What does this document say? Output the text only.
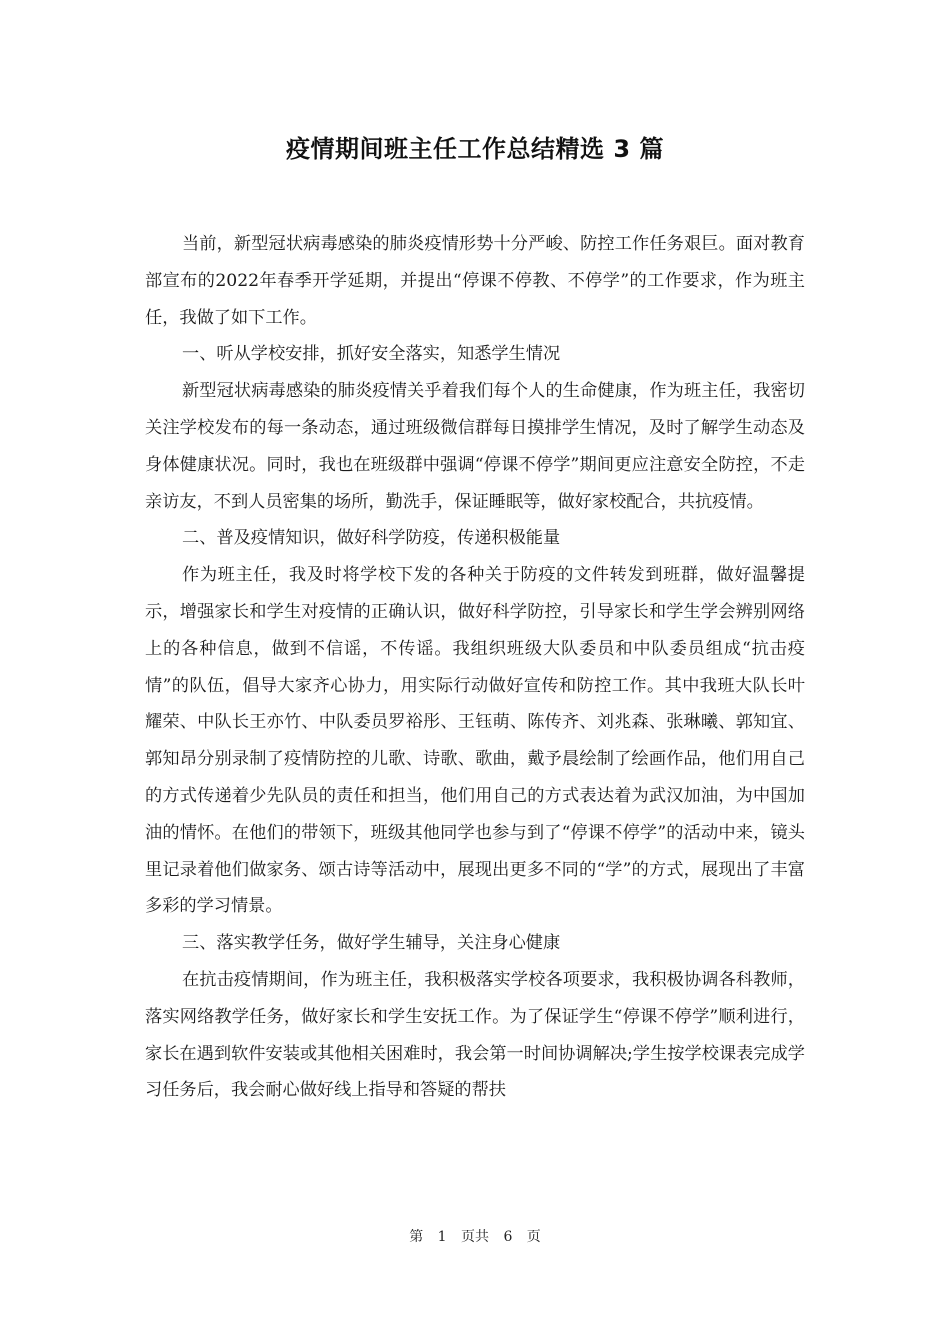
疫情期间班主任工作总结精选 3 篇

当前，新型冠状病毒感染的肺炎疫情形势十分严峻、防控工作任务艰巨。面对教育部宣布的2022年春季开学延期，并提出“停课不停教、不停学”的工作要求，作为班主任，我做了如下工作。

一、听从学校安排，抓好安全落实，知悉学生情况

新型冠状病毒感染的肺炎疫情关乎着我们每个人的生命健康，作为班主任，我密切关注学校发布的每一条动态，通过班级微信群每日摸排学生情况，及时了解学生动态及身体健康状况。同时，我也在班级群中强调“停课不停学”期间更应注意安全防控，不走亲访友，不到人员密集的场所，勤洗手，保证睡眠等，做好家校配合，共抗疫情。

二、普及疫情知识，做好科学防疫，传递积极能量

作为班主任，我及时将学校下发的各种关于防疫的文件转发到班群，做好温馨提示，增强家长和学生对疫情的正确认识，做好科学防控，引导家长和学生学会辨别网络上的各种信息，做到不信谣，不传谣。我组织班级大队委员和中队委员组成“抗击疫情”的队伍，倡导大家齐心协力，用实际行动做好宣传和防控工作。其中我班大队长叶耀荣、中队长王亦竹、中队委员罗裕彤、王钰萌、陈传齐、刘兆森、张琳曦、郭知宜、郭知昂分别录制了疫情防控的儿歌、诗歌、歌曲，戴予晨绘制了绘画作品，他们用自己的方式传递着少先队员的责任和担当，他们用自己的方式表达着为武汉加油，为中国加油的情怀。在他们的带领下，班级其他同学也参与到了“停课不停学”的活动中来，镜头里记录着他们做家务、颂古诗等活动中，展现出更多不同的“学”的方式，展现出了丰富多彩的学习情景。

三、落实教学任务，做好学生辅导，关注身心健康

在抗击疫情期间，作为班主任，我积极落实学校各项要求，我积极协调各科教师，落实网络教学任务，做好家长和学生安抚工作。为了保证学生“停课不停学”顺利进行，家长在遇到软件安装或其他相关困难时，我会第一时间协调解决;学生按学校课表完成学习任务后，我会耐心做好线上指导和答疑的帮扶

第 1 页共 6 页
